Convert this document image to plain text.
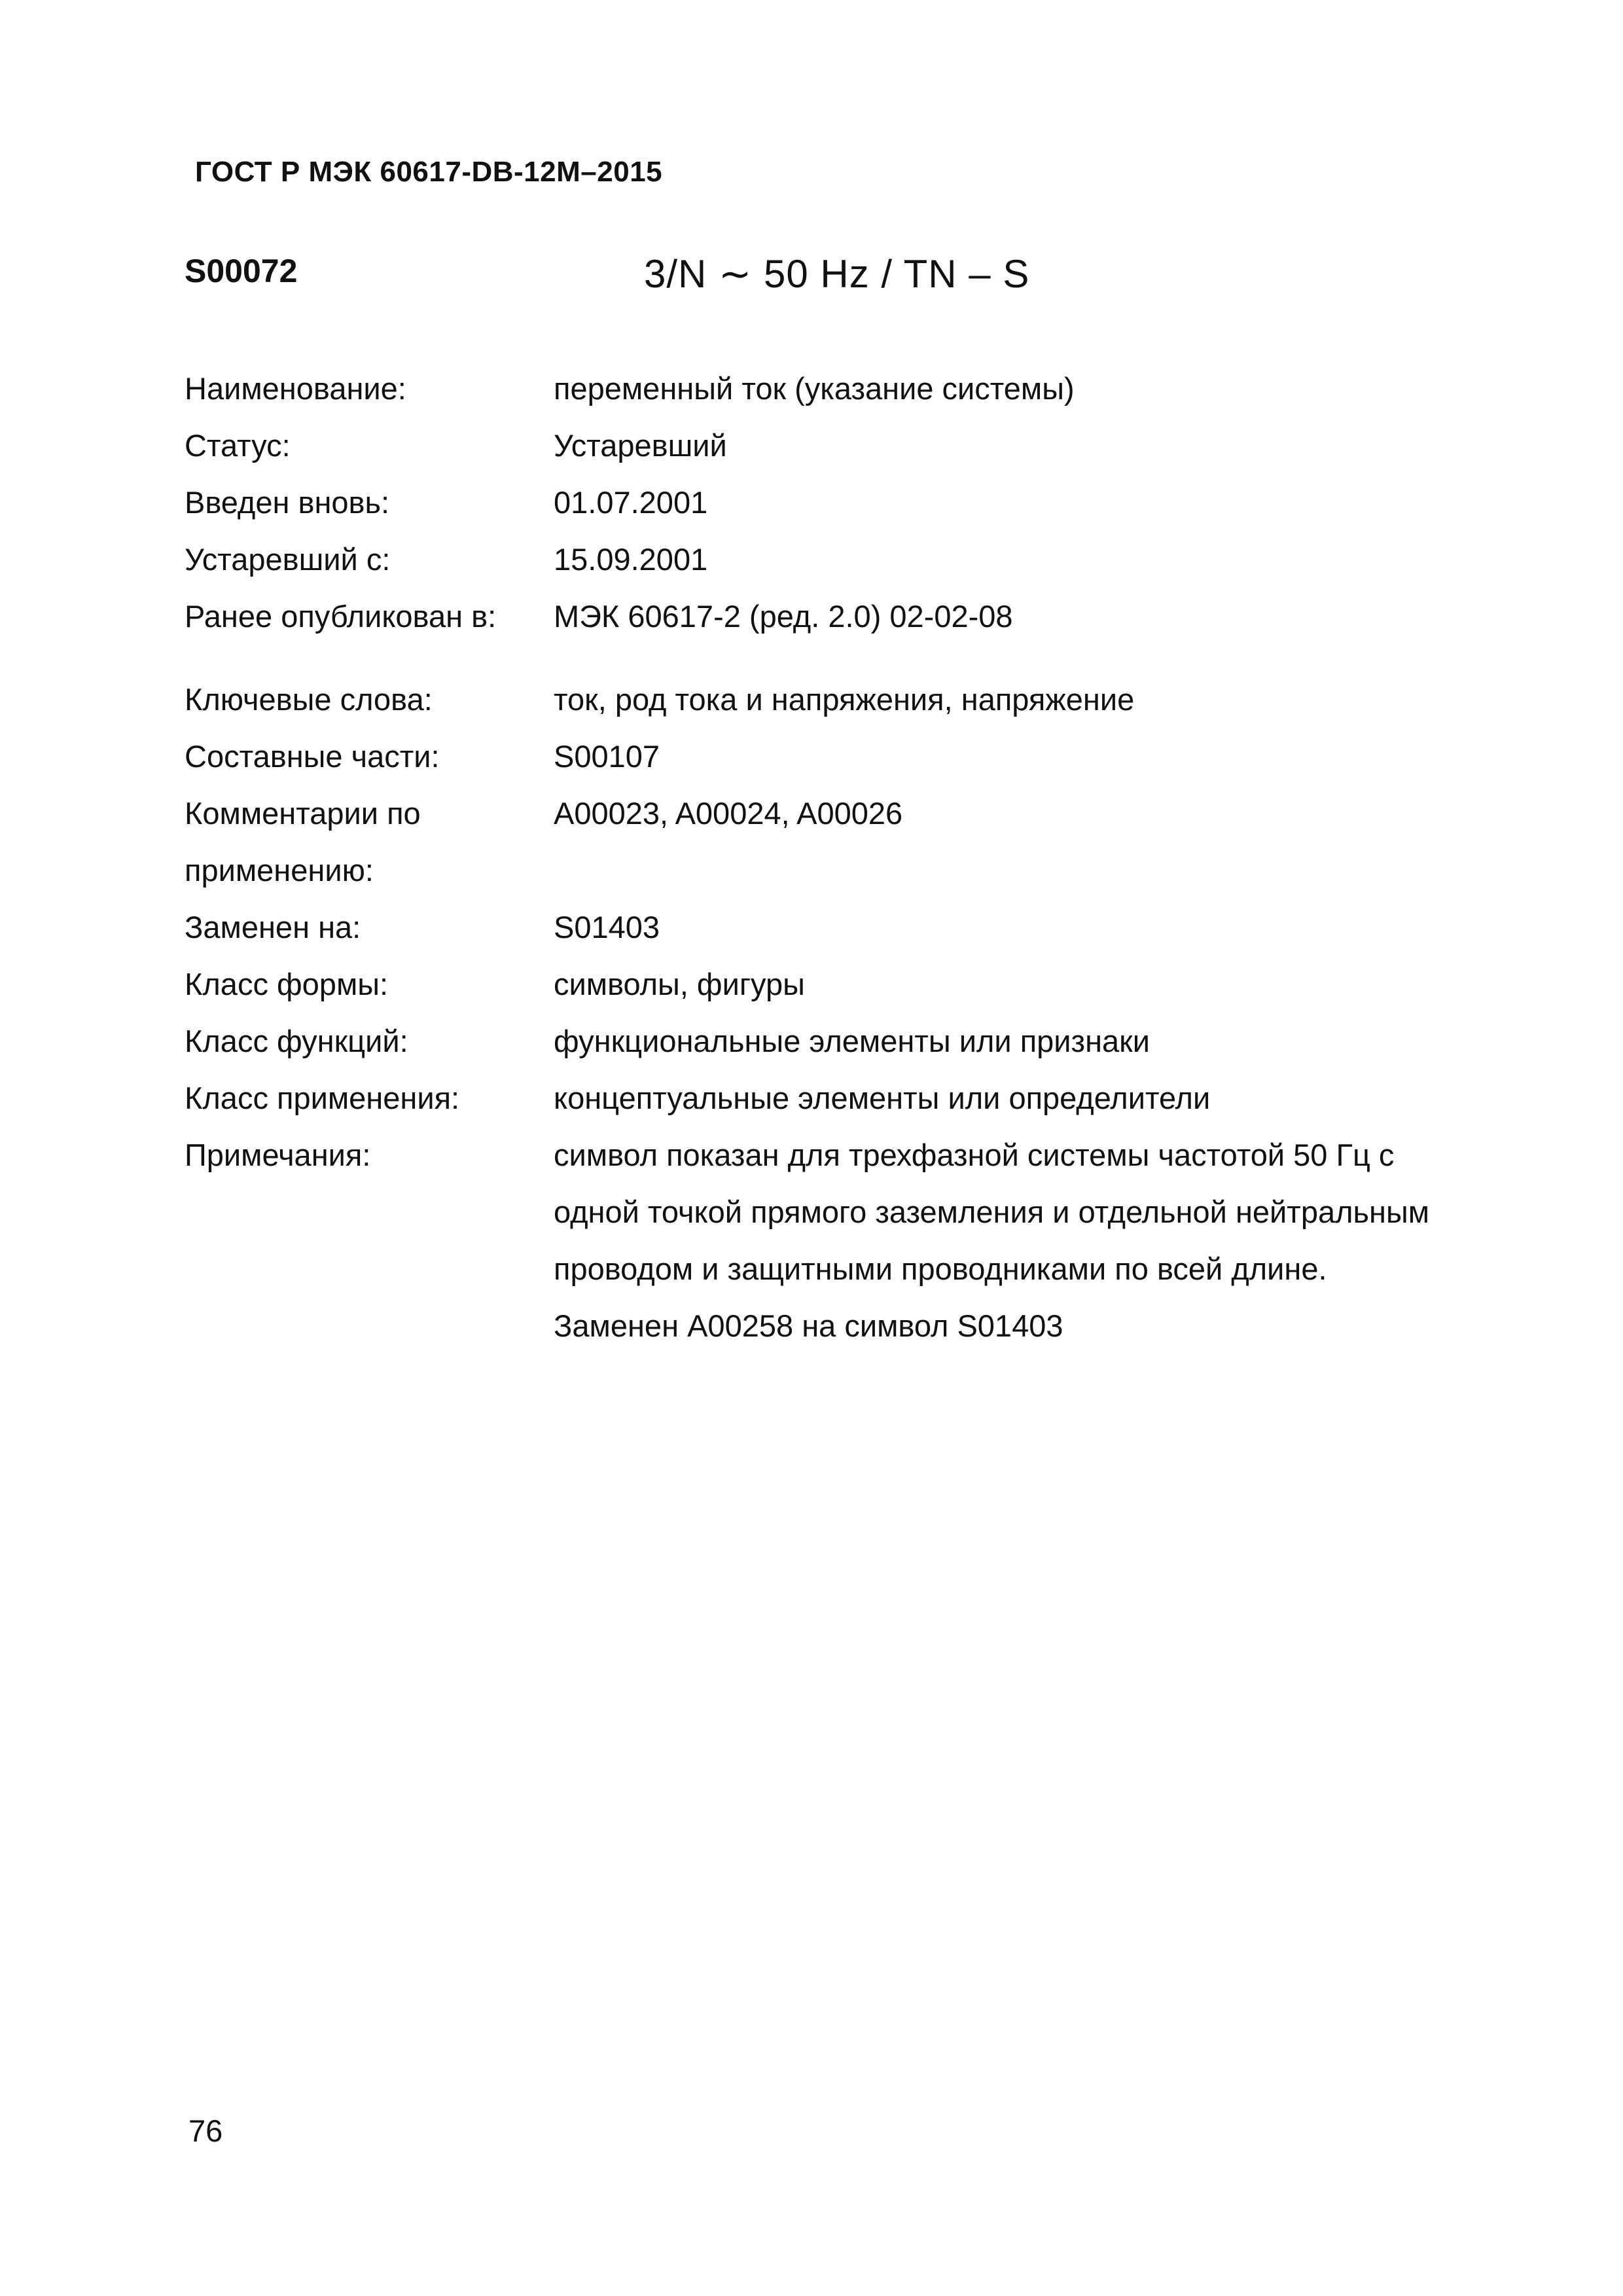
ГОСТ Р МЭК 60617-DB-12M–2015
S00072	3/N ∼ 50 Hz / TN – S
Наименование:	переменный ток (указание системы)
Статус:	Устаревший
Введен вновь:	01.07.2001
Устаревший с:	15.09.2001
Ранее опубликован в:	МЭК 60617-2 (ред. 2.0) 02-02-08
Ключевые слова:	ток, род тока и напряжения, напряжение
Составные части:	S00107
Комментарии по применению:
A00023, A00024, A00026
Заменен на:	S01403
Класс формы:	символы, фигуры
Класс функций:	функциональные элементы или признаки
Класс применения:	концептуальные элементы или определители
Примечания:	символ показан для трехфазной системы частотой 50 Гц с одной точкой прямого заземления и отдельной нейтральным проводом и защитными проводниками по всей длине. Заменен A00258 на символ S01403
76
